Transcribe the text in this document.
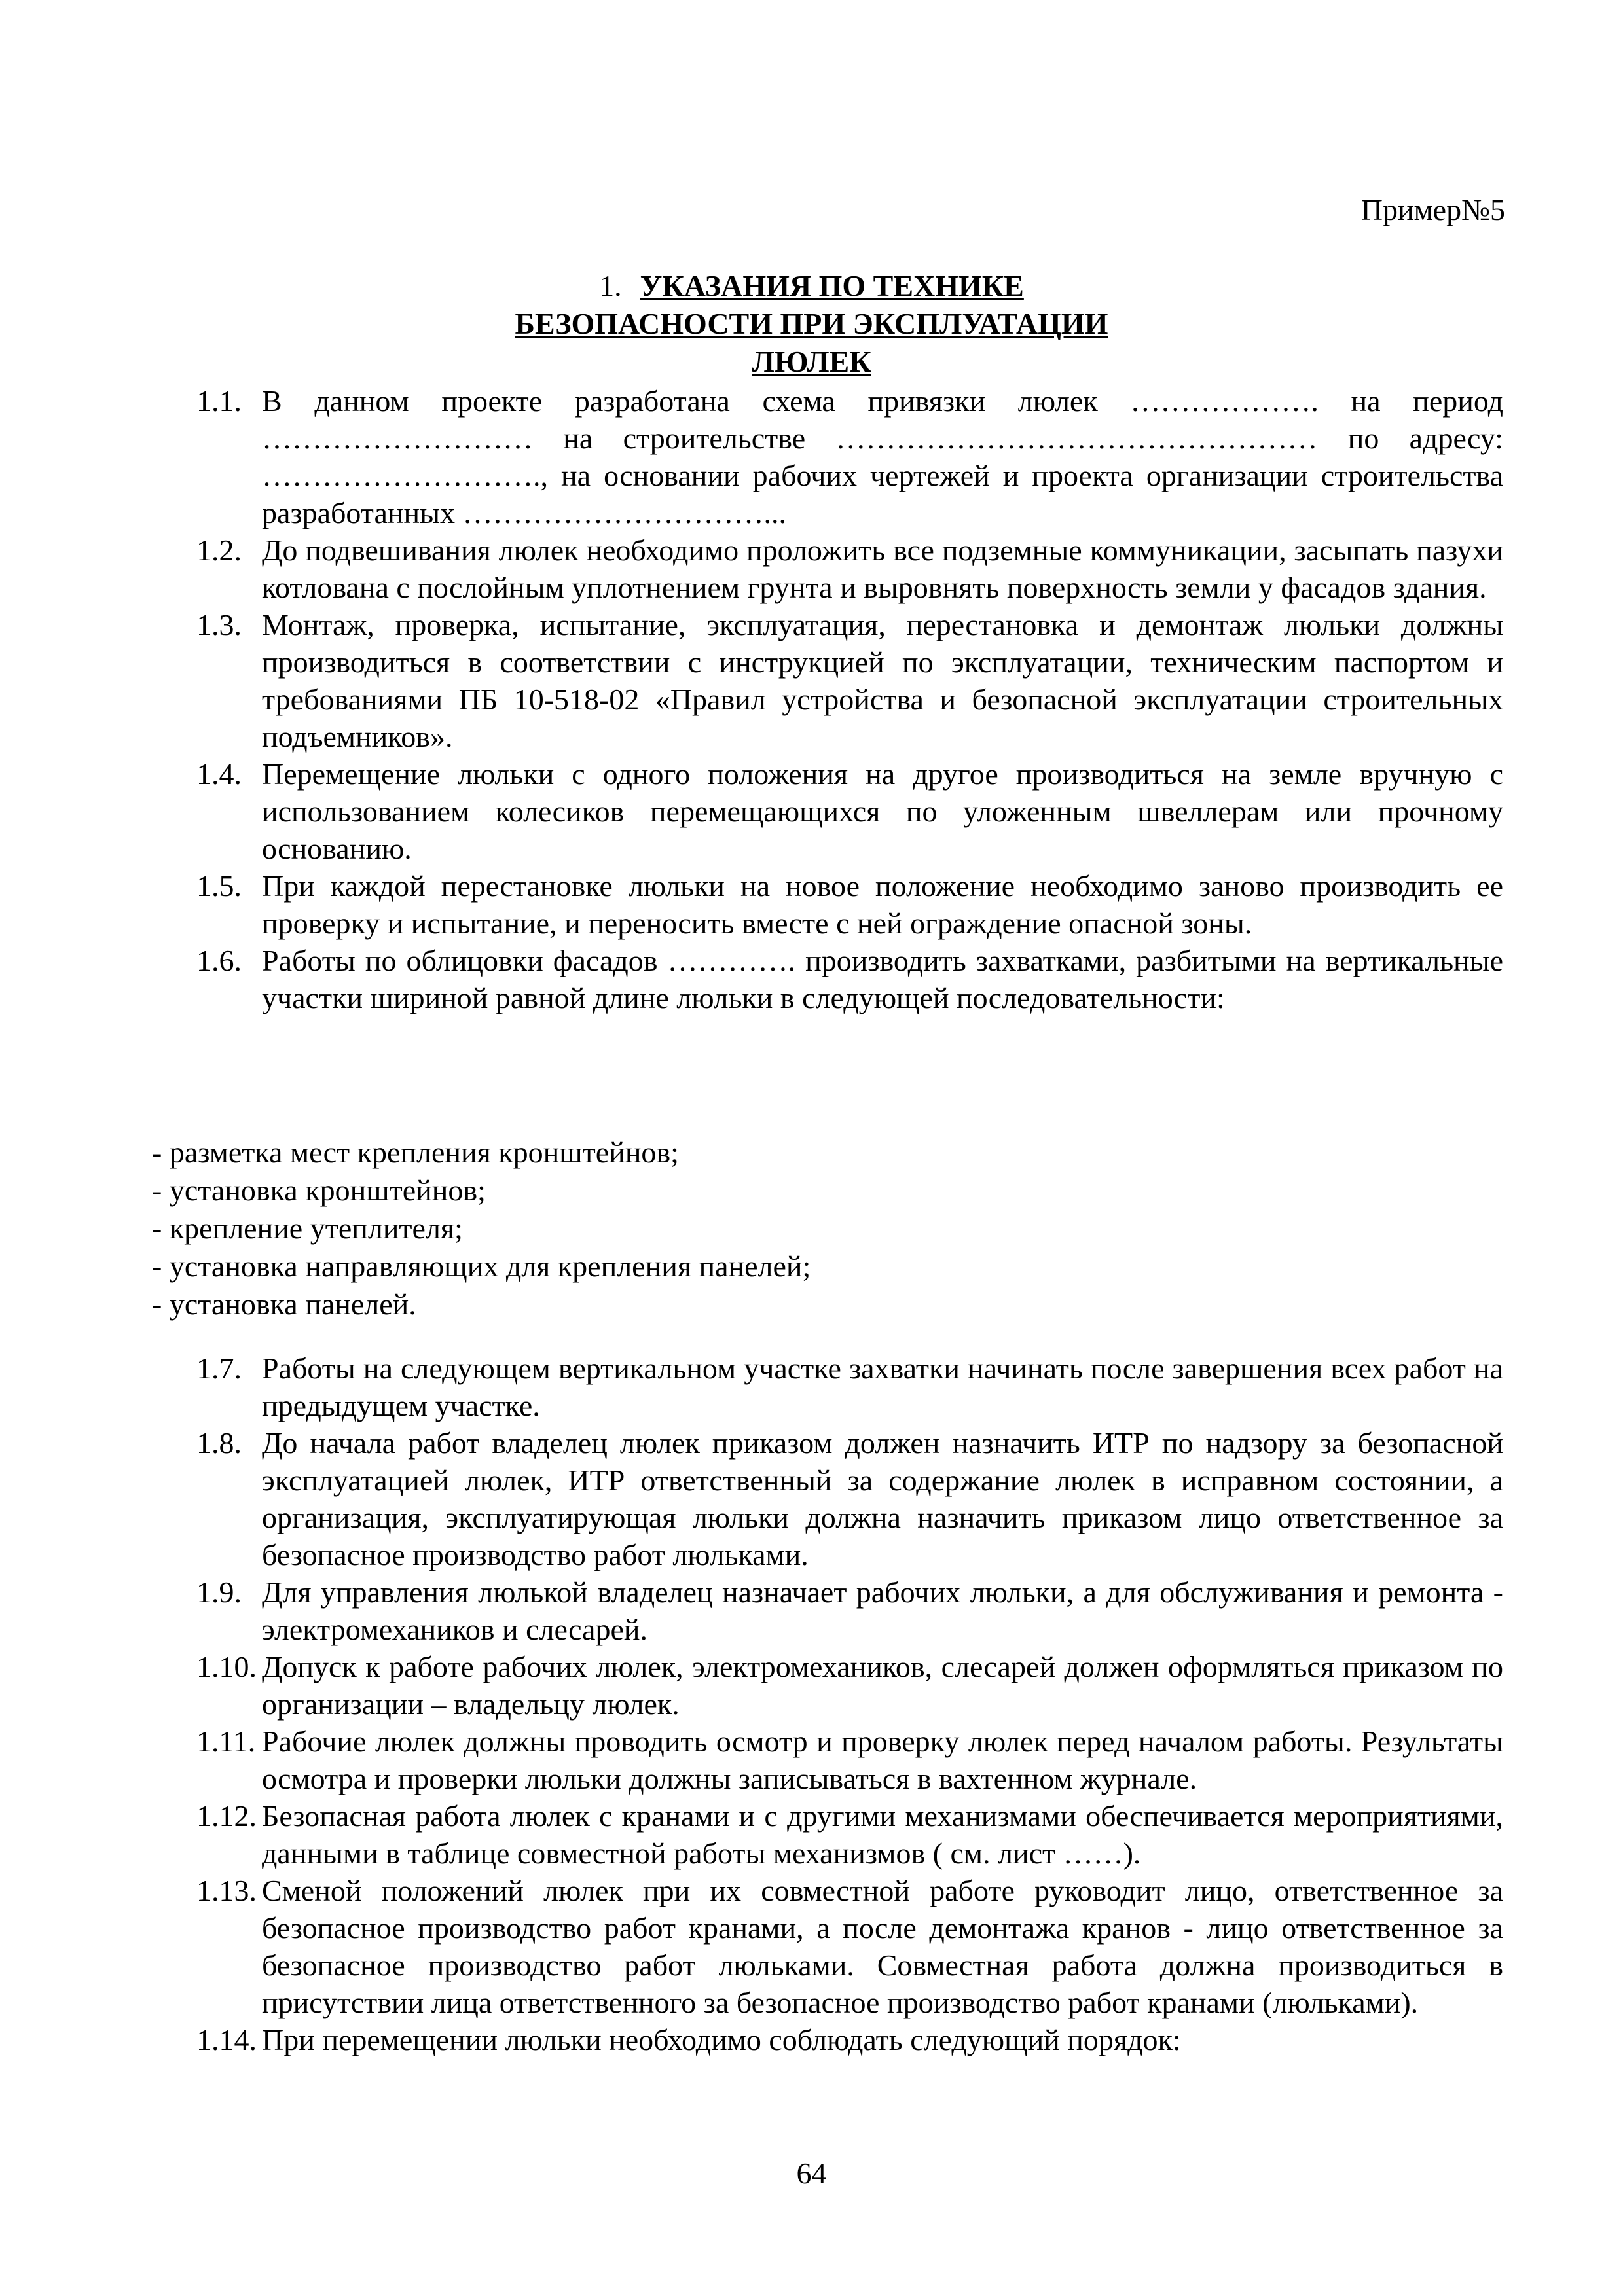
Пример№5
1. УКАЗАНИЯ ПО ТЕХНИКЕ
БЕЗОПАСНОСТИ ПРИ ЭКСПЛУАТАЦИИ
ЛЮЛЕК
1.1. В данном проекте разработана схема привязки люлек ………………. на период ……………………… на строительстве ………………………………………… по адресу: ………………………., на основании рабочих чертежей и проекта организации строительства разработанных …………………………...
1.2. До подвешивания люлек необходимо проложить все подземные коммуникации, засыпать пазухи котлована с послойным уплотнением грунта и выровнять поверхность земли у фасадов здания.
1.3. Монтаж, проверка, испытание, эксплуатация, перестановка и демонтаж люльки должны производиться в соответствии с инструкцией по эксплуатации, техническим паспортом и требованиями ПБ 10-518-02 «Правил устройства и безопасной эксплуатации строительных подъемников».
1.4. Перемещение люльки с одного положения на другое производиться на земле вручную с использованием колесиков перемещающихся по уложенным швеллерам или прочному основанию.
1.5. При каждой перестановке люльки на новое положение необходимо заново производить ее проверку и испытание, и переносить вместе с ней ограждение опасной зоны.
1.6. Работы по облицовки фасадов …………. производить захватками, разбитыми на вертикальные участки шириной равной длине люльки в следующей последовательности:
- разметка мест крепления кронштейнов;
- установка кронштейнов;
- крепление утеплителя;
- установка направляющих для крепления панелей;
- установка панелей.
1.7. Работы на следующем вертикальном участке захватки начинать после завершения всех работ на предыдущем участке.
1.8. До начала работ владелец люлек приказом должен назначить ИТР по надзору за безопасной эксплуатацией люлек, ИТР ответственный за содержание люлек в исправном состоянии, а организация, эксплуатирующая люльки должна назначить приказом лицо ответственное за безопасное производство работ люльками.
1.9. Для управления люлькой владелец назначает рабочих люльки, а для обслуживания и ремонта - электромехаников и слесарей.
1.10. Допуск к работе рабочих люлек, электромехаников, слесарей должен оформляться приказом по организации – владельцу люлек.
1.11. Рабочие люлек должны проводить осмотр и проверку люлек перед началом работы. Результаты осмотра и проверки люльки должны записываться в вахтенном журнале.
1.12. Безопасная работа люлек с кранами и с другими механизмами обеспечивается мероприятиями, данными в таблице совместной работы механизмов ( см. лист ……).
1.13. Сменой положений люлек при их совместной работе руководит лицо, ответственное за безопасное производство работ кранами, а после демонтажа кранов - лицо ответственное за безопасное производство работ люльками. Совместная работа должна производиться в присутствии лица ответственного за безопасное производство работ кранами (люльками).
1.14. При перемещении люльки необходимо соблюдать следующий порядок:
64
